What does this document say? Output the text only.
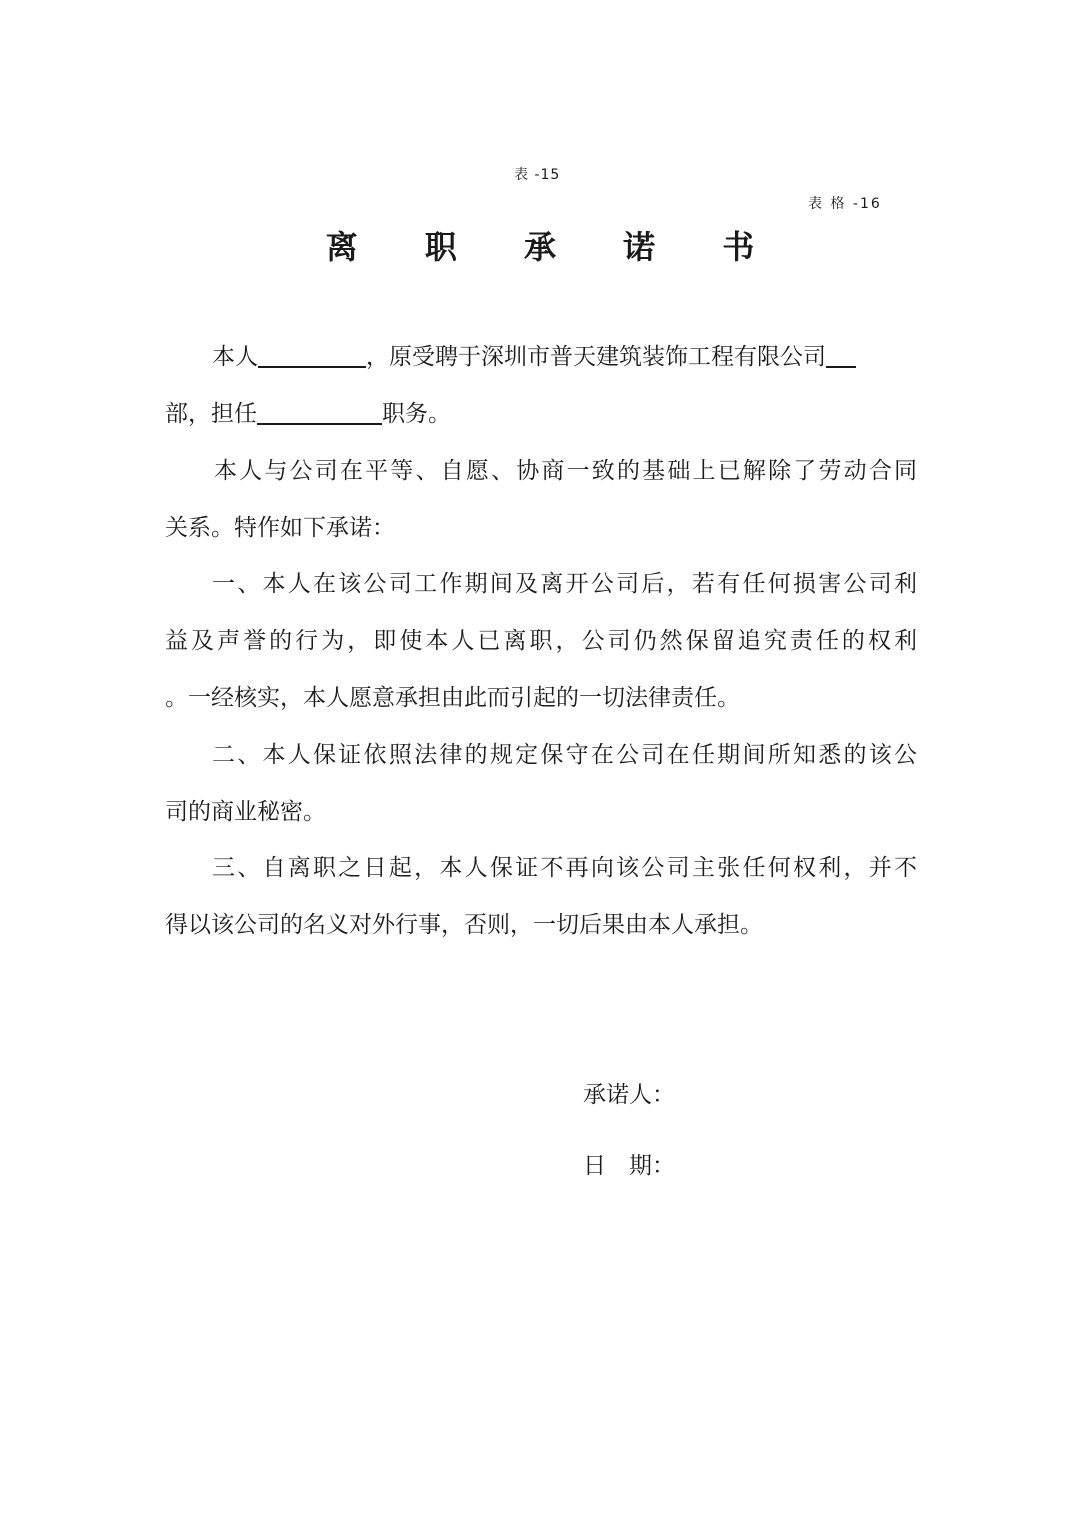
表 -15
表 格 -16
离 职 承 诺 书
本人	，原受聘于深圳市普天建筑装饰工程有限公司
部，担任	职务。
本人与公司在平等、自愿、协商一致的基础上已解除了劳动合同
关系。特作如下承诺：
一、本人在该公司工作期间及离开公司后，若有任何损害公司利
益及声誉的行为，即使本人已离职，公司仍然保留追究责任的权利
。一经核实，本人愿意承担由此而引起的一切法律责任。
二、本人保证依照法律的规定保守在公司在任期间所知悉的该公
司的商业秘密。
三、自离职之日起，本人保证不再向该公司主张任何权利，并不
得以该公司的名义对外行事，否则，一切后果由本人承担。
承诺人：
日　期：
